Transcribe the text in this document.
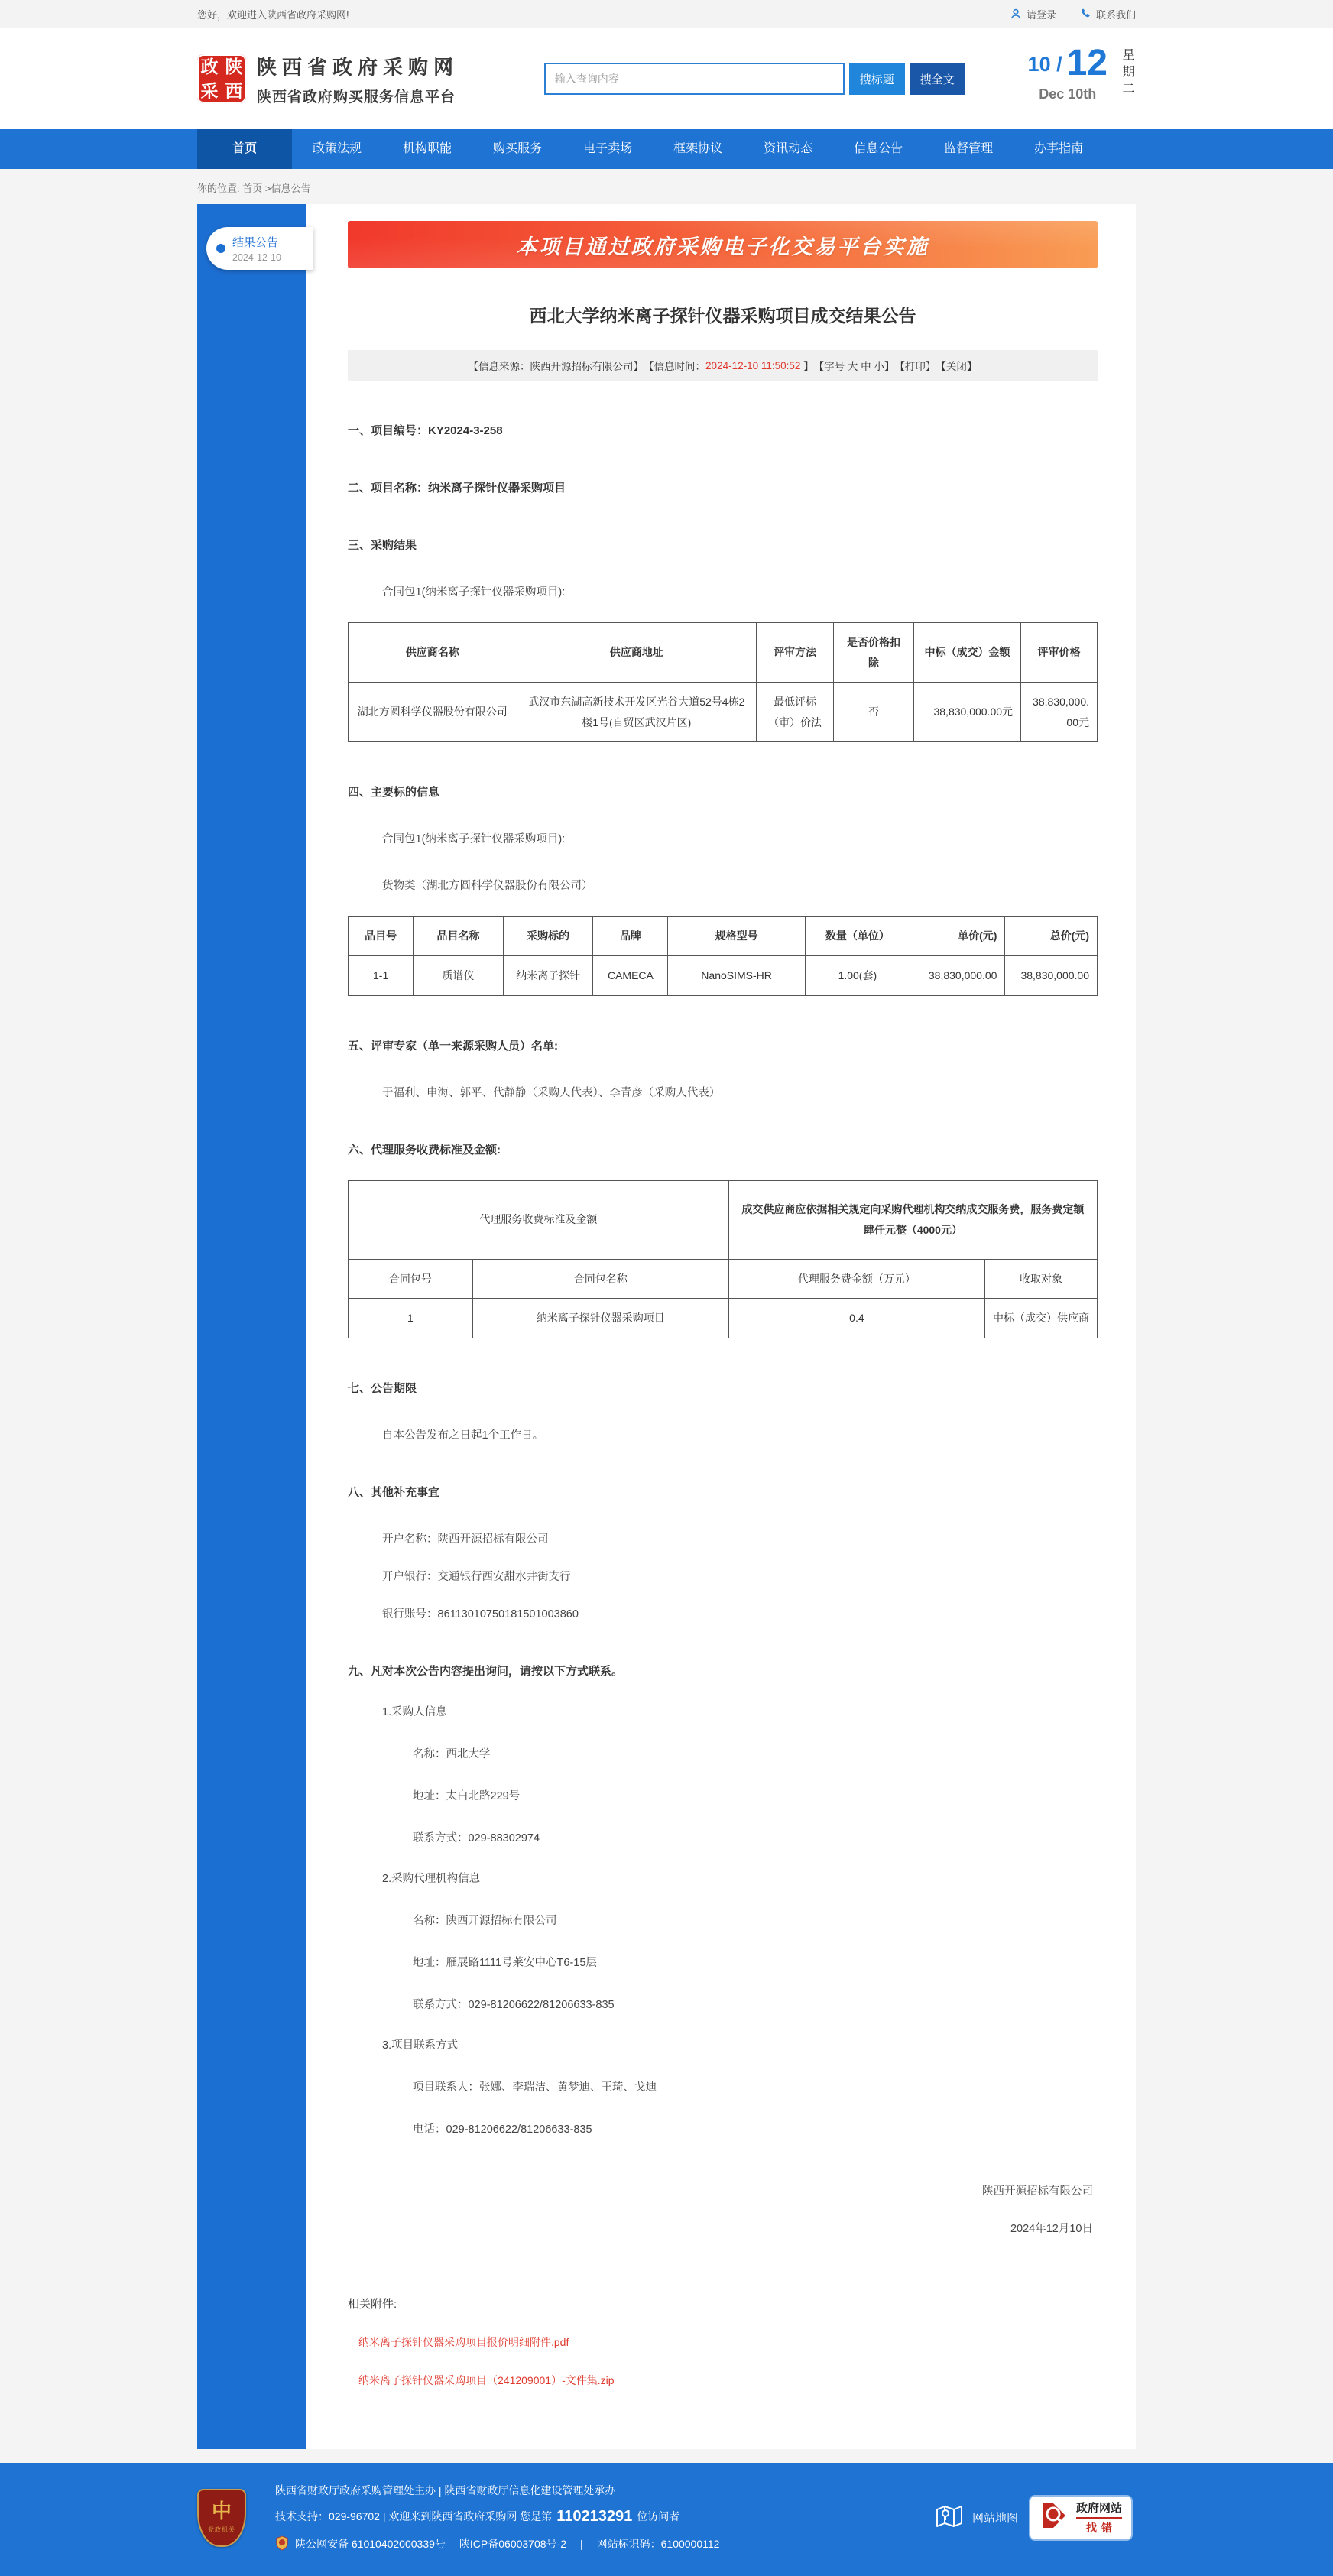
您好，欢迎进入陕西省政府采购网!	请登录	联系我们
政 陕
采 西
陕西省政府采购网
陕西省政府购买服务信息平台
输入查询内容
搜标题	搜全文
10 / 12
Dec 10th	星期二
首页	政策法规	机构职能	购买服务	电子卖场	框架协议	资讯动态	信息公告	监督管理	办事指南
你的位置: 首页 >信息公告
结果公告
2024-12-10	本项目通过政府采购电子化交易平台实施
西北大学纳米离子探针仪器采购项目成交结果公告
【信息来源：陕西开源招标有限公司】 【信息时间： 2024-12-10 11:50:52 】 【字号 大 中 小】 【打印】 【关闭】
一、项目编号：KY2024-3-258
二、项目名称：纳米离子探针仪器采购项目
三、采购结果

合同包1(纳米离子探针仪器采购项目):

供应商名称	供应商地址	评审方法	是否价格扣除	中标（成交）金额	评审价格
湖北方圆科学仪器股份有限公司	武汉市东湖高新技术开发区光谷大道52号4栋2楼1号(自贸区武汉片区)	最低评标（审）价法	否	38,830,000.00元	38,830,000.00元
四、主要标的信息

合同包1(纳米离子探针仪器采购项目):

货物类（湖北方圆科学仪器股份有限公司）

品目号	品目名称	采购标的	品牌	规格型号	数量（单位）	单价(元)	总价(元)
1-1	质谱仪	纳米离子探针	CAMECA	NanoSIMS-HR	1.00(套)	38,830,000.00	38,830,000.00
五、评审专家（单一来源采购人员）名单:

于福利、申海、郭平、代静静（采购人代表）、李青彦（采购人代表）

六、代理服务收费标准及金额:
代理服务收费标准及金额		成交供应商应依据相关规定向采购代理机构交纳成交服务费，服务费定额肆仟元整（4000元）	
合同包号	合同包名称	代理服务费金额（万元）	收取对象
1	纳米离子探针仪器采购项目	0.4	中标（成交）供应商
七、公告期限

自本公告发布之日起1个工作日。

八、其他补充事宜

开户名称：陕西开源招标有限公司

开户银行：交通银行西安甜水井街支行

银行账号：86113010750181501003860

九、凡对本次公告内容提出询问，请按以下方式联系。

1.采购人信息

名称：西北大学

地址：太白北路229号

联系方式：029-88302974

2.采购代理机构信息

名称：陕西开源招标有限公司

地址：雁展路1111号莱安中心T6-15层

联系方式：029-81206622/81206633-835

3.项目联系方式

项目联系人：张娜、李瑞洁、黄梦迪、王琦、戈迪

电话：029-81206622/81206633-835

陕西开源招标有限公司
2024年12月10日
相关附件:
纳米离子探针仪器采购项目报价明细附件.pdf
纳米离子探针仪器采购项目（241209001）-文件集.zip
中
党政机关
陕西省财政厅政府采购管理处主办 | 陕西省财政厅信息化建设管理处承办
技术支持：029-96702 | 欢迎来到陕西省政府采购网 您是第 110213291 位访问者
陕公网安备 61010402000339号 陕ICP备06003708号-2 | 网站标识码：6100000112
网站地图
政府网站
找错
